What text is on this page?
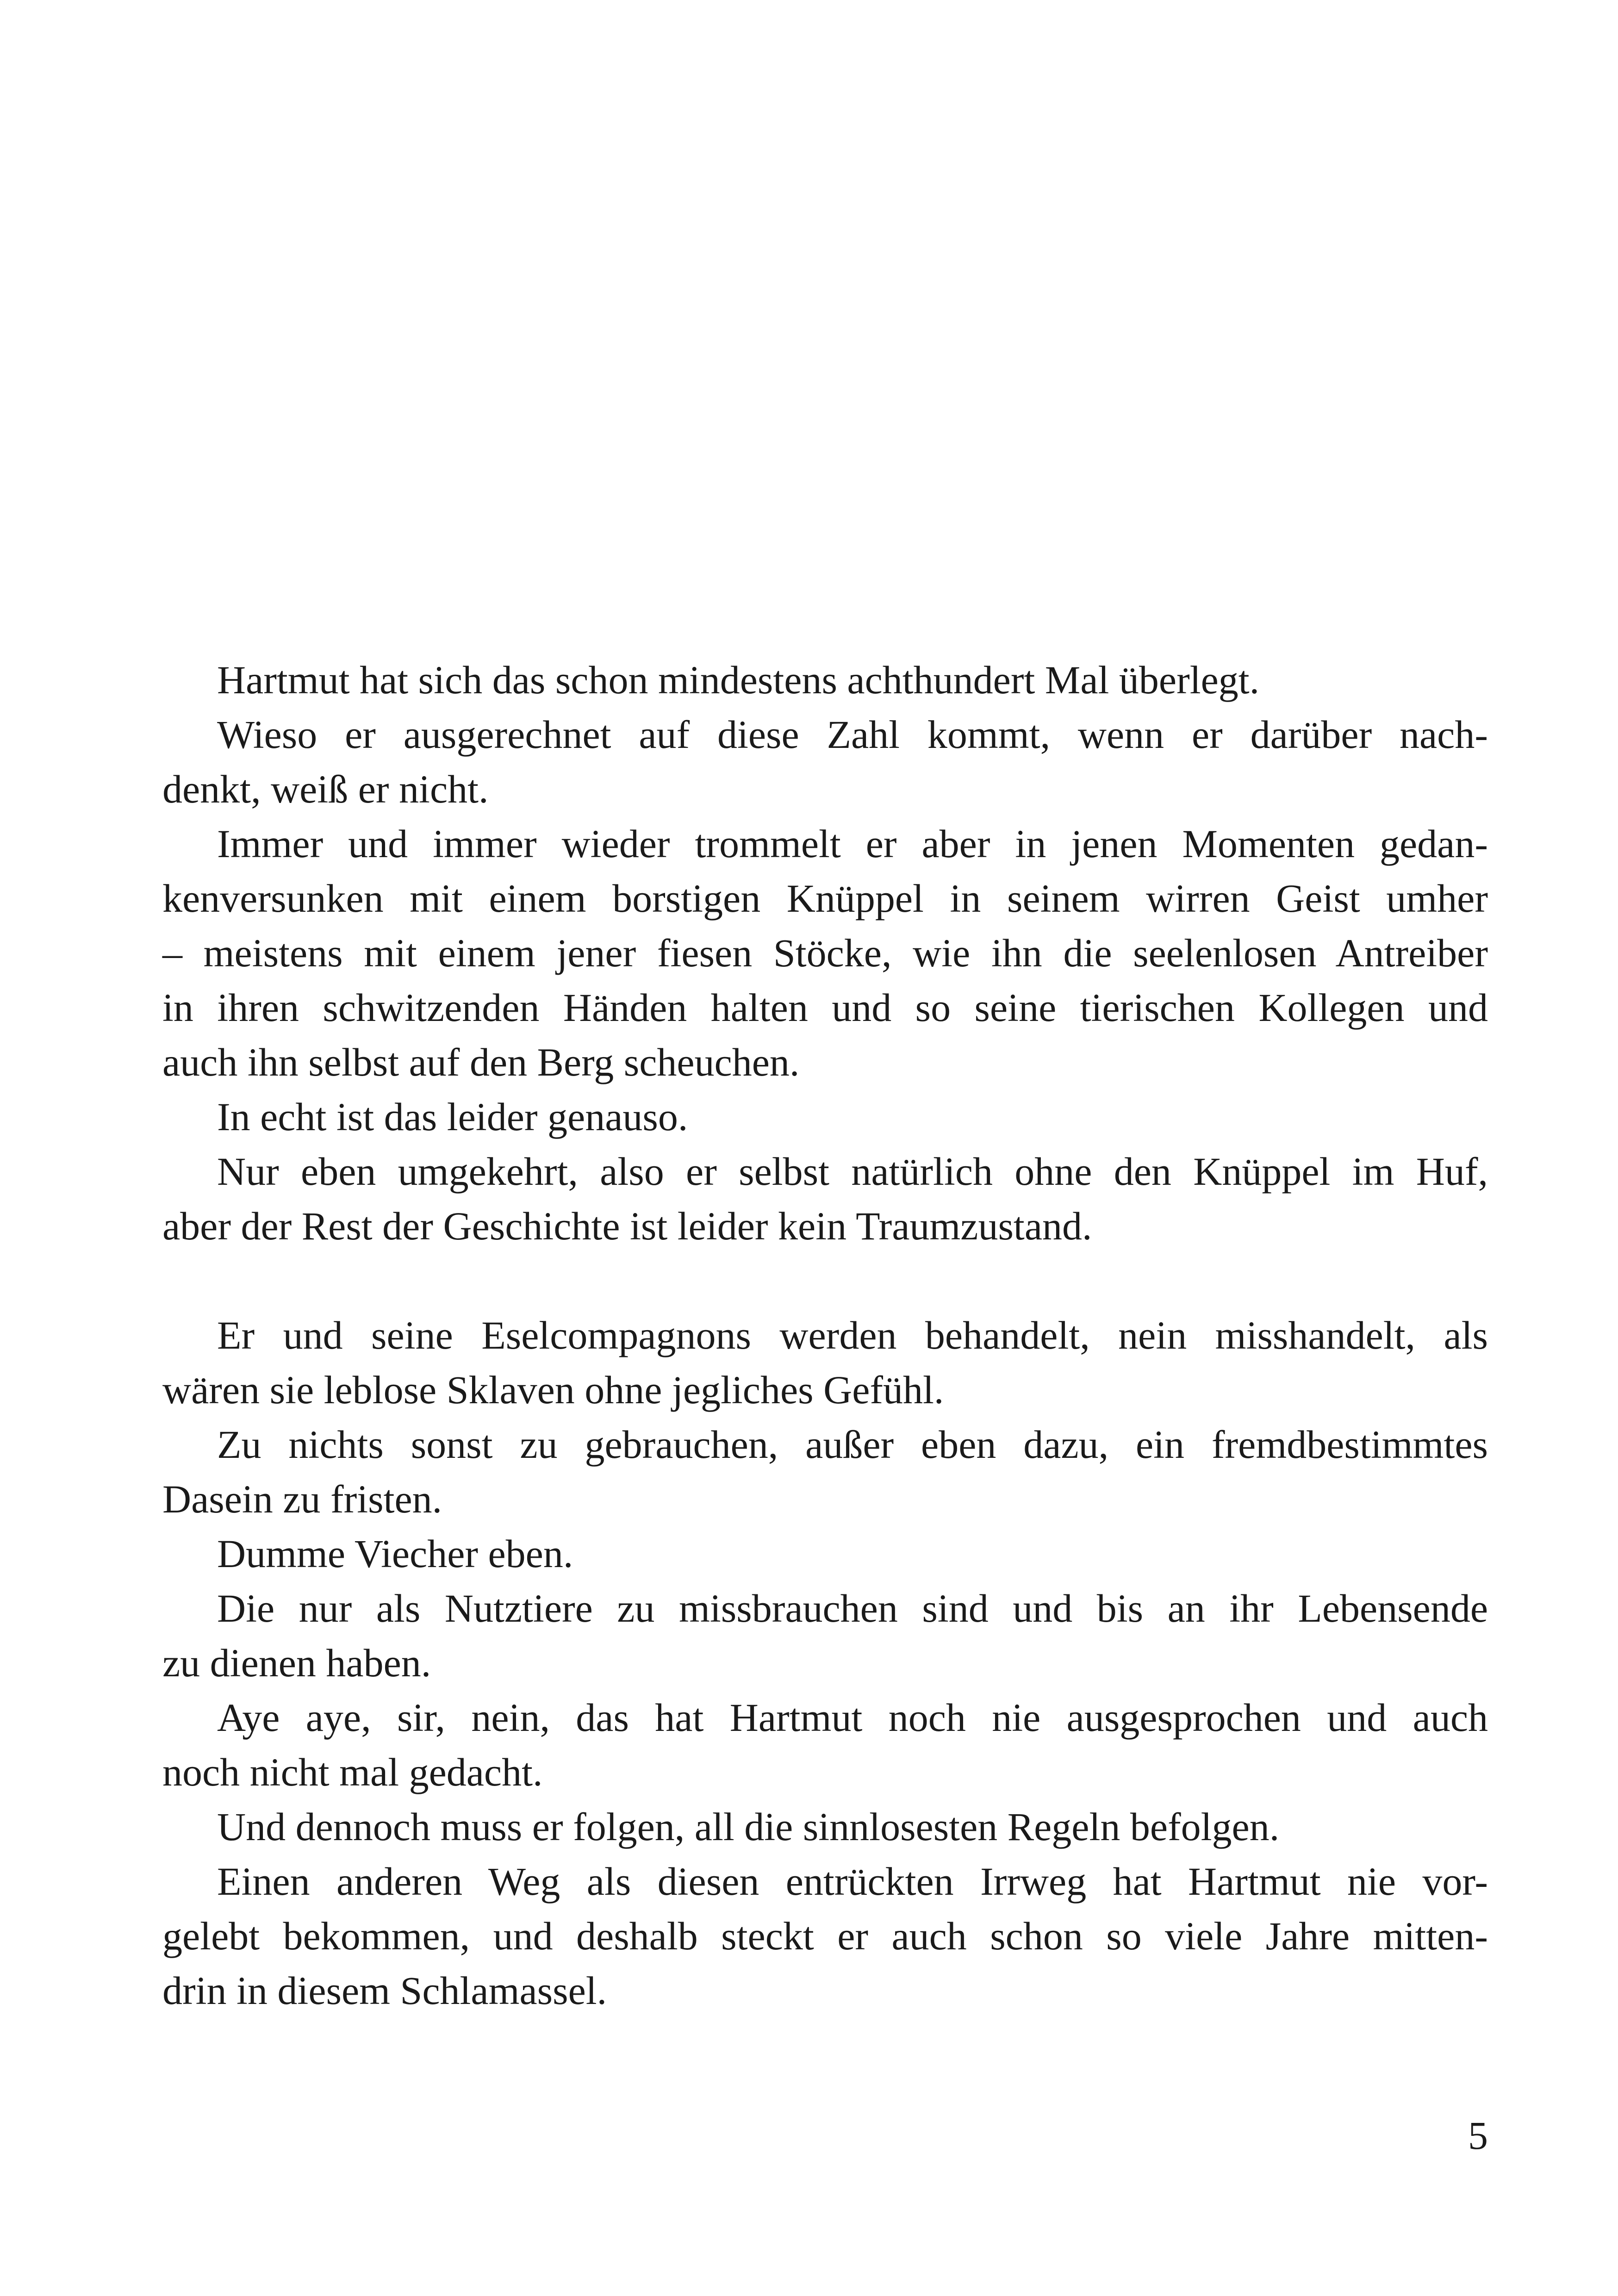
Hartmut hat sich das schon mindestens achthundert Mal überlegt.
Wieso er ausgerechnet auf diese Zahl kommt, wenn er darüber nach-
denkt, weiß er nicht.
Immer und immer wieder trommelt er aber in jenen Momenten gedan-
kenversunken mit einem borstigen Knüppel in seinem wirren Geist umher
– meistens mit einem jener fiesen Stöcke, wie ihn die seelenlosen Antreiber
in ihren schwitzenden Händen halten und so seine tierischen Kollegen und
auch ihn selbst auf den Berg scheuchen.
In echt ist das leider genauso.
Nur eben umgekehrt, also er selbst natürlich ohne den Knüppel im Huf,
aber der Rest der Geschichte ist leider kein Traumzustand.
Er und seine Eselcompagnons werden behandelt, nein misshandelt, als
wären sie leblose Sklaven ohne jegliches Gefühl.
Zu nichts sonst zu gebrauchen, außer eben dazu, ein fremdbestimmtes
Dasein zu fristen.
Dumme Viecher eben.
Die nur als Nutztiere zu missbrauchen sind und bis an ihr Lebensende
zu dienen haben.
Aye aye, sir, nein, das hat Hartmut noch nie ausgesprochen und auch
noch nicht mal gedacht.
Und dennoch muss er folgen, all die sinnlosesten Regeln befolgen.
Einen anderen Weg als diesen entrückten Irrweg hat Hartmut nie vor-
gelebt bekommen, und deshalb steckt er auch schon so viele Jahre mitten-
drin in diesem Schlamassel.
5
